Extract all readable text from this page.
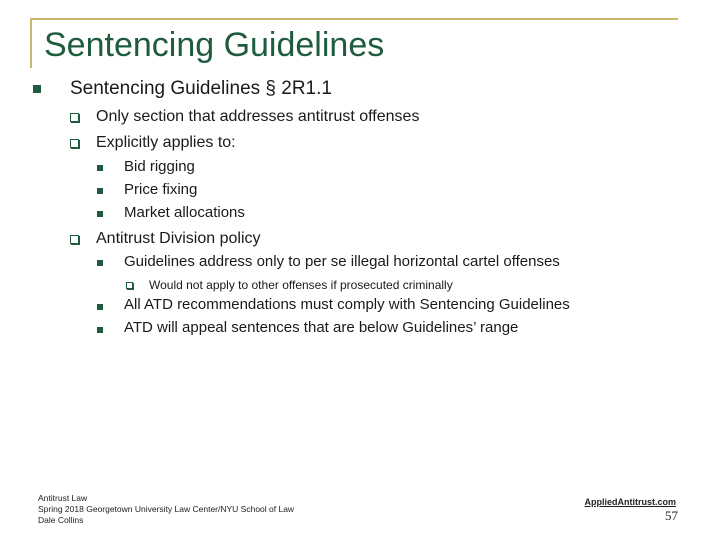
Sentencing Guidelines
Sentencing Guidelines § 2R1.1
Only section that addresses antitrust offenses
Explicitly applies to:
Bid rigging
Price fixing
Market allocations
Antitrust Division policy
Guidelines address only to per se illegal horizontal cartel offenses
Would not apply to other offenses if prosecuted criminally
All ATD recommendations must comply with Sentencing Guidelines
ATD will appeal sentences that are below Guidelines’ range
Antitrust Law
Spring 2018 Georgetown University Law Center/NYU School of Law
Dale Collins
AppliedAntitrust.com
57
